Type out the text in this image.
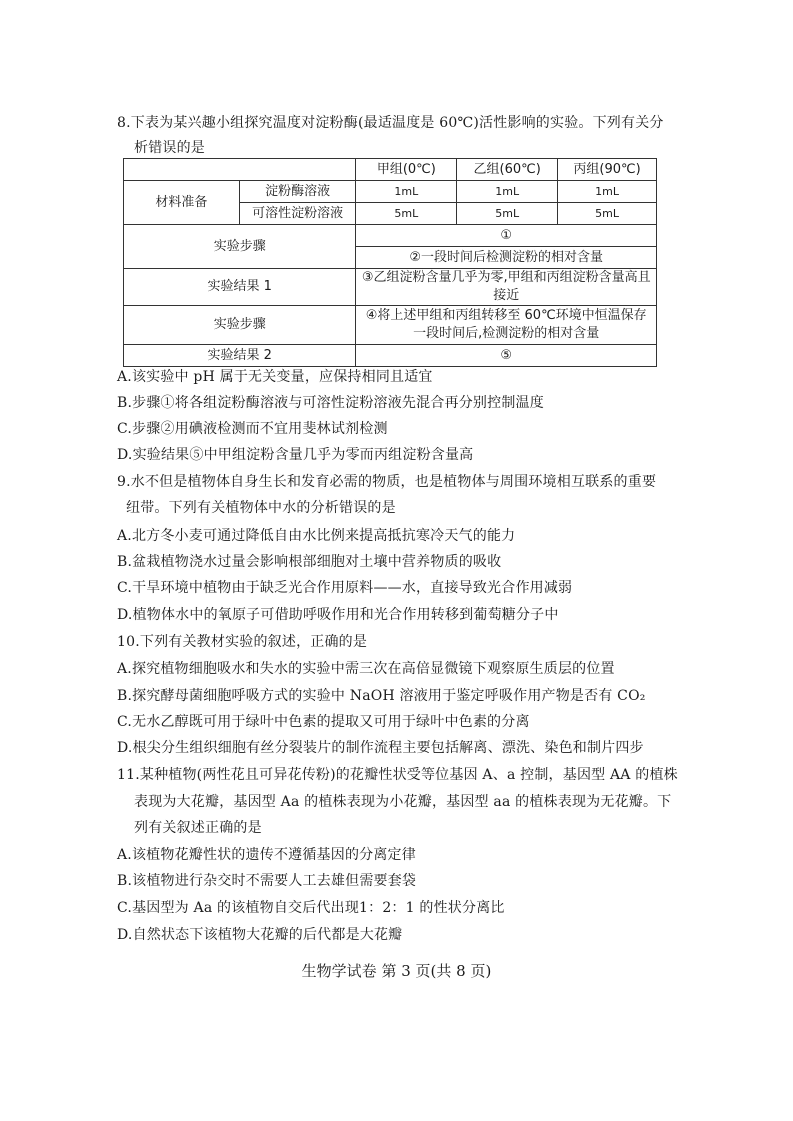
8.下表为某兴趣小组探究温度对淀粉酶(最适温度是 60℃)活性影响的实验。下列有关分
析错误的是
		甲组(0℃)	乙组(60℃)	丙组(90℃)
材料准备	淀粉酶溶液	1mL	1mL	1mL
	可溶性淀粉溶液	5mL	5mL	5mL
实验步骤		①		
		②一段时间后检测淀粉的相对含量		
实验结果 1		③乙组淀粉含量几乎为零,甲组和丙组淀粉含量高且接近		
实验步骤		④将上述甲组和丙组转移至 60℃环境中恒温保存一段时间后,检测淀粉的相对含量		
实验结果 2		⑤		
A.该实验中 pH 属于无关变量，应保持相同且适宜
B.步骤①将各组淀粉酶溶液与可溶性淀粉溶液先混合再分别控制温度
C.步骤②用碘液检测而不宜用斐林试剂检测
D.实验结果⑤中甲组淀粉含量几乎为零而丙组淀粉含量高
9.水不但是植物体自身生长和发育必需的物质，也是植物体与周围环境相互联系的重要
纽带。下列有关植物体中水的分析错误的是
A.北方冬小麦可通过降低自由水比例来提高抵抗寒冷天气的能力
B.盆栽植物浇水过量会影响根部细胞对土壤中营养物质的吸收
C.干旱环境中植物由于缺乏光合作用原料——水，直接导致光合作用减弱
D.植物体水中的氧原子可借助呼吸作用和光合作用转移到葡萄糖分子中
10.下列有关教材实验的叙述，正确的是
A.探究植物细胞吸水和失水的实验中需三次在高倍显微镜下观察原生质层的位置
B.探究酵母菌细胞呼吸方式的实验中 NaOH 溶液用于鉴定呼吸作用产物是否有 CO₂
C.无水乙醇既可用于绿叶中色素的提取又可用于绿叶中色素的分离
D.根尖分生组织细胞有丝分裂装片的制作流程主要包括解离、漂洗、染色和制片四步
11.某种植物(两性花且可异花传粉)的花瓣性状受等位基因 A、a 控制，基因型 AA 的植株
表现为大花瓣，基因型 Aa 的植株表现为小花瓣，基因型 aa 的植株表现为无花瓣。下
列有关叙述正确的是
A.该植物花瓣性状的遗传不遵循基因的分离定律
B.该植物进行杂交时不需要人工去雄但需要套袋
C.基因型为 Aa 的该植物自交后代出现1：2：1 的性状分离比
D.自然状态下该植物大花瓣的后代都是大花瓣
生物学试卷 第 3 页(共 8 页)
